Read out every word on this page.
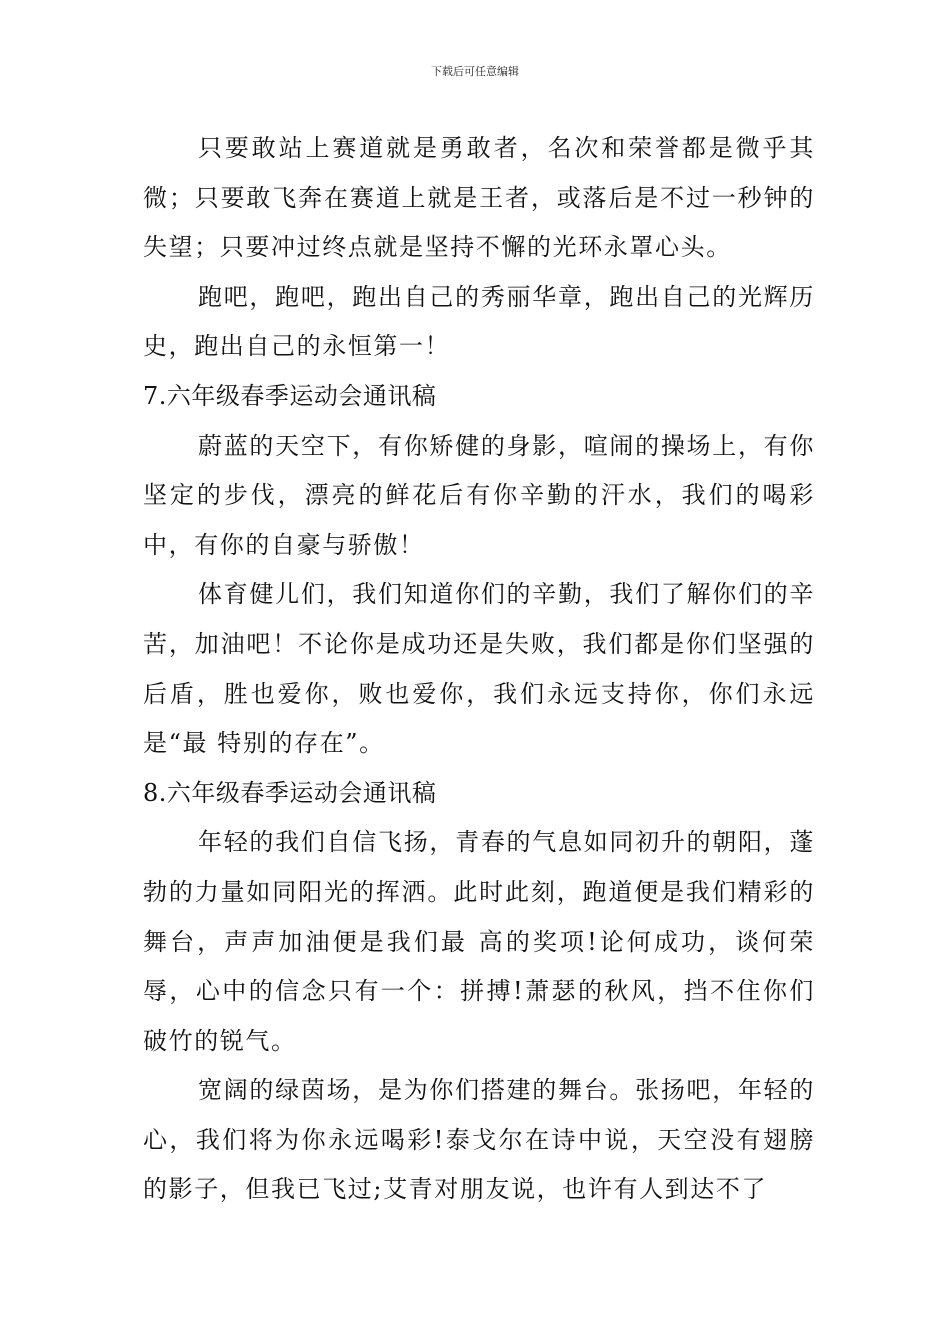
下载后可任意编辑

只要敢站上赛道就是勇敢者，名次和荣誉都是微乎其微；只要敢飞奔在赛道上就是王者，或落后是不过一秒钟的失望；只要冲过终点就是坚持不懈的光环永罩心头。

跑吧，跑吧，跑出自己的秀丽华章，跑出自己的光辉历史，跑出自己的永恒第一！

7.六年级春季运动会通讯稿

蔚蓝的天空下，有你矫健的身影，喧闹的操场上，有你坚定的步伐，漂亮的鲜花后有你辛勤的汗水，我们的喝彩中，有你的自豪与骄傲！

体育健儿们，我们知道你们的辛勤，我们了解你们的辛苦，加油吧！不论你是成功还是失败，我们都是你们坚强的后盾，胜也爱你，败也爱你，我们永远支持你，你们永远是“最 特别的存在”。

8.六年级春季运动会通讯稿

年轻的我们自信飞扬，青春的气息如同初升的朝阳，蓬勃的力量如同阳光的挥洒。此时此刻，跑道便是我们精彩的舞台，声声加油便是我们最 高的奖项!论何成功，谈何荣辱，心中的信念只有一个：拼搏!萧瑟的秋风，挡不住你们破竹的锐气。

宽阔的绿茵场，是为你们搭建的舞台。张扬吧，年轻的心，我们将为你永远喝彩!泰戈尔在诗中说，天空没有翅膀的影子，但我已飞过;艾青对朋友说，也许有人到达不了
